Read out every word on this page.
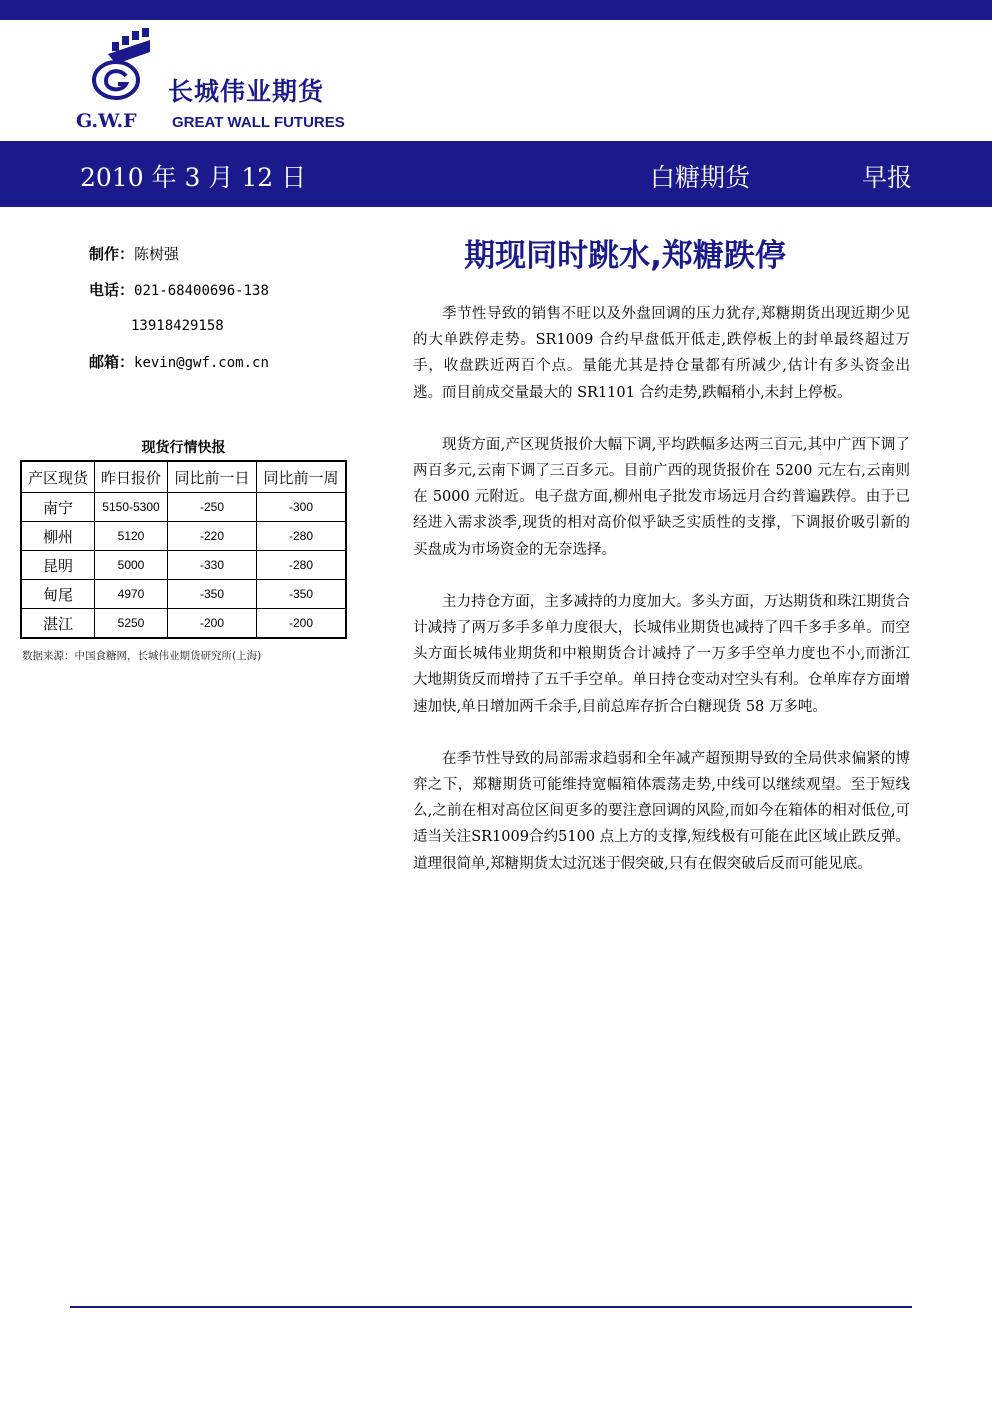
长城伟业期货
G.W.F GREAT WALL FUTURES
2010 年 3 月 12 日	白糖期货	早报
制作：陈树强
电话：021-68400696-138
13918429158
邮箱：kevin@gwf.com.cn
现货行情快报
产区现货	昨日报价	同比前一日	同比前一周
南宁	5150-5300	-250	-300
柳州	5120	-220	-280
昆明	5000	-330	-280
甸尾	4970	-350	-350
湛江	5250	-200	-200
数据来源：中国食糖网，长城伟业期货研究所(上海)
期现同时跳水,郑糖跌停

季节性导致的销售不旺以及外盘回调的压力犹存,郑糖期货出现近期少见的大单跌停走势。SR1009 合约早盘低开低走,跌停板上的封单最终超过万手，收盘跌近两百个点。量能尤其是持仓量都有所减少,估计有多头资金出逃。而目前成交量最大的 SR1101 合约走势,跌幅稍小,未封上停板。

现货方面,产区现货报价大幅下调,平均跌幅多达两三百元,其中广西下调了两百多元,云南下调了三百多元。目前广西的现货报价在 5200 元左右,云南则在 5000 元附近。电子盘方面,柳州电子批发市场远月合约普遍跌停。由于已经进入需求淡季,现货的相对高价似乎缺乏实质性的支撑，下调报价吸引新的买盘成为市场资金的无奈选择。

主力持仓方面，主多减持的力度加大。多头方面，万达期货和珠江期货合计减持了两万多手多单力度很大，长城伟业期货也减持了四千多手多单。而空头方面长城伟业期货和中粮期货合计减持了一万多手空单力度也不小,而浙江大地期货反而增持了五千手空单。单日持仓变动对空头有利。仓单库存方面增速加快,单日增加两千余手,目前总库存折合白糖现货 58 万多吨。

在季节性导致的局部需求趋弱和全年减产超预期导致的全局供求偏紧的博弈之下，郑糖期货可能维持宽幅箱体震荡走势,中线可以继续观望。至于短线么,之前在相对高位区间更多的要注意回调的风险,而如今在箱体的相对低位,可适当关注SR1009合约5100 点上方的支撑,短线极有可能在此区域止跌反弹。道理很简单,郑糖期货太过沉迷于假突破,只有在假突破后反而可能见底。
